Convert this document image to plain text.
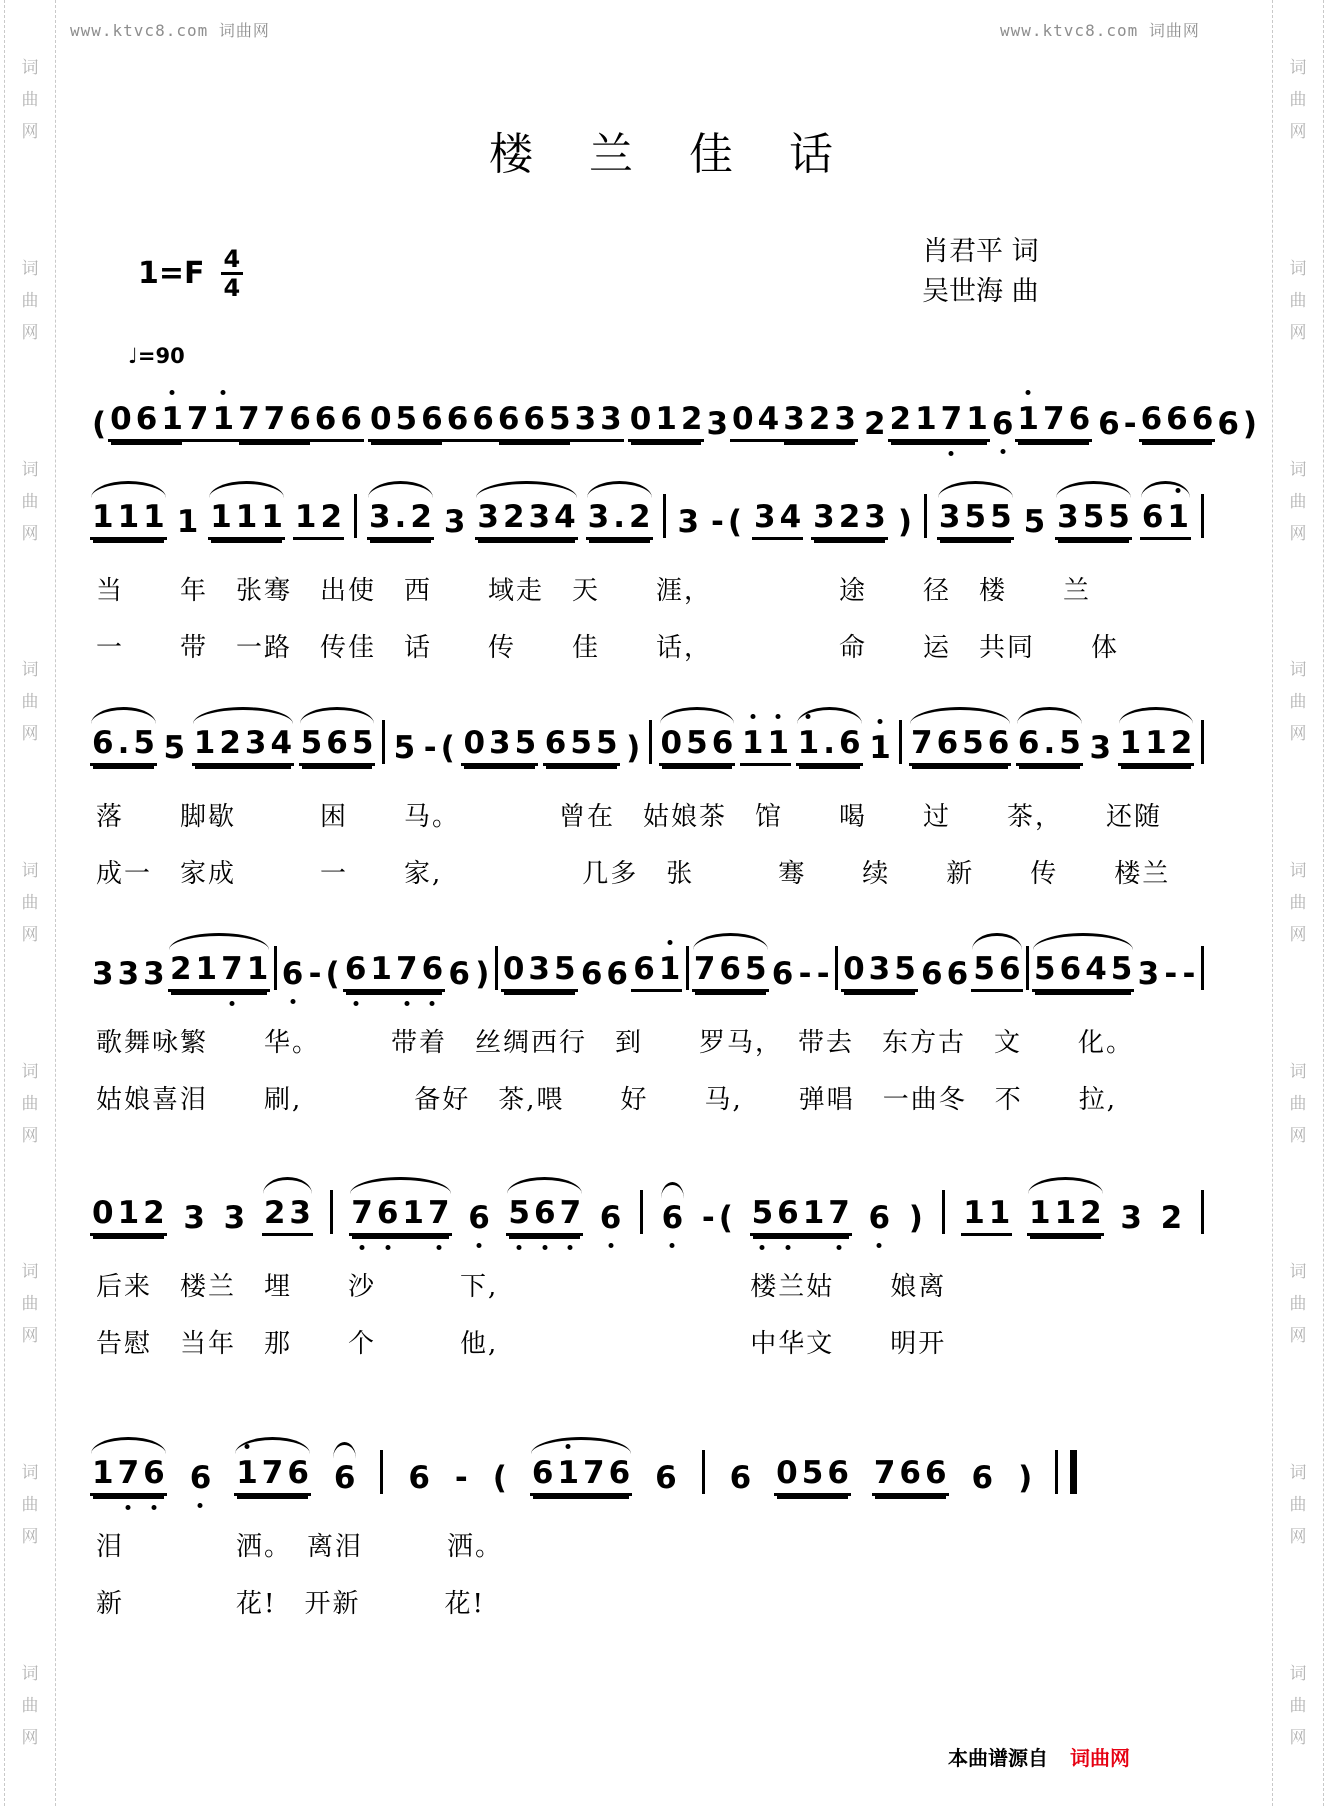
词
曲
网
词
曲
网
词
曲
网
词
曲
网
词
曲
网
词
曲
网
词
曲
网
词
曲
网
词
曲
网
词
曲
网
词
曲
网
词
曲
网
词
曲
网
词
曲
网
词
曲
网
词
曲
网
词
曲
网
词
曲
网
www.ktvc8.com 词曲网	www.ktvc8.com 词曲网
楼　兰　佳　话
$1=F \frac{4}{4}$	肖君平 词
吴世海 曲
♩=90
( 0 6 1 7 1 7 7 6 6 6 0 5 6 6 6 6 6 5 3 3 0 1 2 3 0 4 3 2 3 2 2 1 7 1 6 1 7 6 6 - 6 6 6 6 )
1 1 1 1 1 1 1 1 2 3 . 2 3 3 2 3 4 3 . 2 3 - ( 3 4 3 2 3 ) 3 5 5 5 3 5 5 6 1
当　　年　张骞　出使　西　　域走　天　　涯，　　　　　途　　径　楼　　兰
一　　带　一路　传佳　话　　传　　佳　　话，　　　　　命　　运　共同　　体
6 . 5 5 1 2 3 4 5 6 5 5 - ( 0 3 5 6 5 5 ) 0 5 6 1 1 1 . 6 1 7 6 5 6 6 . 5 3 1 1 2
落　　脚歇　　　困　　马。　　　　曾在　姑娘茶　馆　　喝　　过　　茶，　　还随
成一　家成　　　一　　家,　　　　　几多　张　　　骞　　续　　新　　传　　楼兰
3 3 3 2 1 7 1 6 - ( 6 1 7 6 6 ) 0 3 5 6 6 6 1 7 6 5 6 - - 0 3 5 6 6 5 6 5 6 4 5 3 - -
歌舞咏繁　　华。　　　带着　丝绸西行　到　　罗马，　带去　东方古　文　　化。
姑娘喜泪　　刷,　　　　备好　茶,喂　　好　　马,　　弹唱　一曲冬　不　　拉,
0 1 2 3 3 2 3 7 6 1 7 6 5 6 7 6 6 - ( 5 6 1 7 6 ) 1 1 1 1 2 3 2
后来　楼兰　埋　　沙　　　下,　　　　　　　　　楼兰姑　　娘离
告慰　当年　那　　个　　　他,　　　　　　　　　中华文　　明开
1 7 6 6 1 7 6 6 6 - ( 6 1 7 6 6 6 0 5 6 7 6 6 6 )
泪　　　　洒。　离泪　　　洒。
新　　　　花!　开新　　　花!
本曲谱源自 词曲网
